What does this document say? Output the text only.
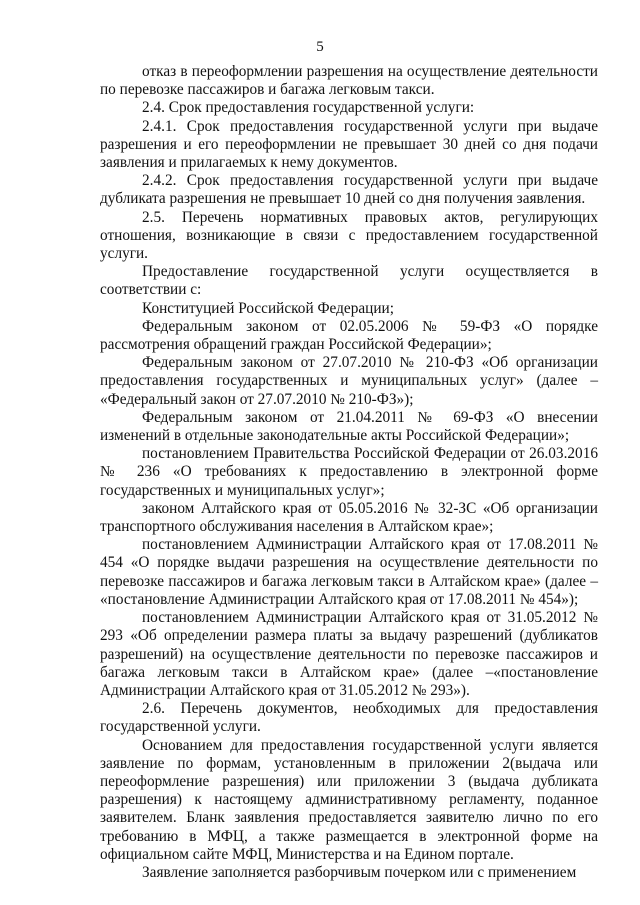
5

отказ в переоформлении разрешения на осуществление деятельности по перевозке пассажиров и багажа легковым такси.

2.4. Срок предоставления государственной услуги:

2.4.1. Срок предоставления государственной услуги при выдаче разрешения и его переоформлении не превышает 30 дней со дня подачи заявления и прилагаемых к нему документов.

2.4.2. Срок предоставления государственной услуги при выдаче дубликата разрешения не превышает 10 дней со дня получения заявления.

2.5. Перечень нормативных правовых актов, регулирующих отношения, возникающие в связи с предоставлением государственной услуги.

Предоставление государственной услуги осуществляется в соответствии с:

Конституцией Российской Федерации;

Федеральным законом от 02.05.2006 № 59-ФЗ «О порядке рассмотрения обращений граждан Российской Федерации»;

Федеральным законом от 27.07.2010 № 210-ФЗ «Об организации предоставления государственных и муниципальных услуг» (далее – «Федеральный закон от 27.07.2010 № 210-ФЗ»);

Федеральным законом от 21.04.2011 № 69-ФЗ «О внесении изменений в отдельные законодательные акты Российской Федерации»;

постановлением Правительства Российской Федерации от 26.03.2016 № 236 «О требованиях к предоставлению в электронной форме государственных и муниципальных услуг»;

законом Алтайского края от 05.05.2016 № 32-ЗС «Об организации транспортного обслуживания населения в Алтайском крае»;

постановлением Администрации Алтайского края от 17.08.2011 № 454 «О порядке выдачи разрешения на осуществление деятельности по перевозке пассажиров и багажа легковым такси в Алтайском крае» (далее – «постановление Администрации Алтайского края от 17.08.2011 № 454»);

постановлением Администрации Алтайского края от 31.05.2012 № 293 «Об определении размера платы за выдачу разрешений (дубликатов разрешений) на осуществление деятельности по перевозке пассажиров и багажа легковым такси в Алтайском крае» (далее –«постановление Администрации Алтайского края от 31.05.2012 № 293»).

2.6. Перечень документов, необходимых для предоставления государственной услуги.

Основанием для предоставления государственной услуги является заявление по формам, установленным в приложении 2(выдача или переоформление разрешения) или приложении 3 (выдача дубликата разрешения) к настоящему административному регламенту, поданное заявителем. Бланк заявления предоставляется заявителю лично по его требованию в МФЦ, а также размещается в электронной форме на официальном сайте МФЦ, Министерства и на Едином портале.

Заявление заполняется разборчивым почерком или с применением
